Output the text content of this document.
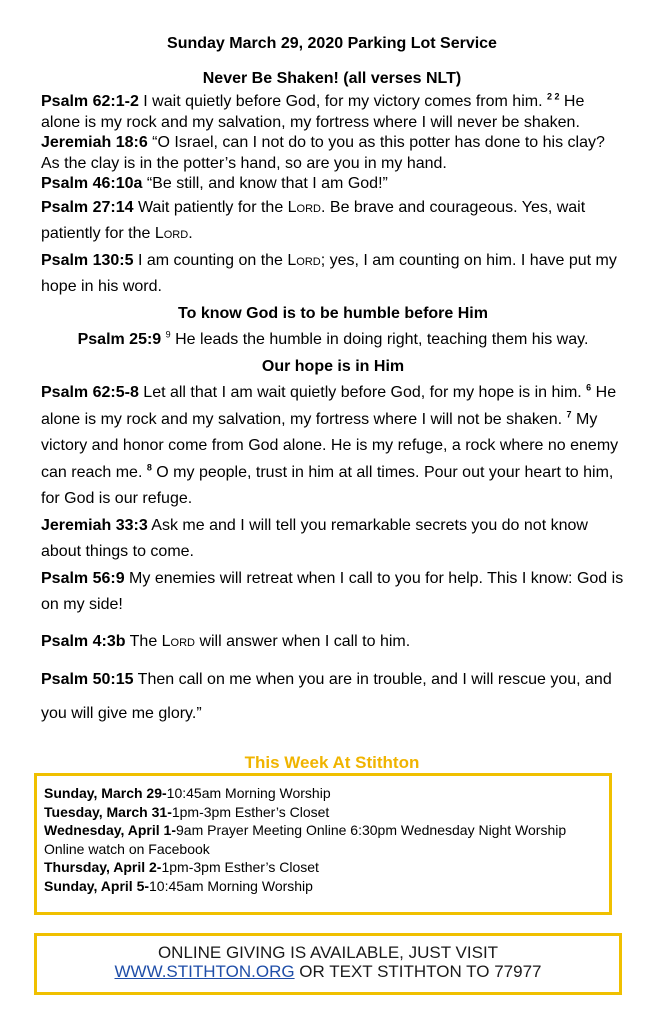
Sunday March 29, 2020 Parking Lot Service
Never Be Shaken! (all verses NLT)

Psalm 62:1-2 I wait quietly before God, for my victory comes from him. $^{2 2}$ He alone is my rock and my salvation, my fortress where I will never be shaken.

Jeremiah 18:6 “O Israel, can I not do to you as this potter has done to his clay? As the clay is in the potter’s hand, so are you in my hand.

Psalm 46:10a “Be still, and know that I am God!”

Psalm 27:14 Wait patiently for the Lord. Be brave and courageous. Yes, wait patiently for the Lord.

Psalm 130:5 I am counting on the Lord; yes, I am counting on him. I have put my hope in his word.

To know God is to be humble before Him

Psalm 25:9 $^9$ He leads the humble in doing right, teaching them his way.

Our hope is in Him

Psalm 62:5-8 Let all that I am wait quietly before God, for my hope is in him. $^6$ He alone is my rock and my salvation, my fortress where I will not be shaken. $^7$ My victory and honor come from God alone. He is my refuge, a rock where no enemy can reach me. $^8$ O my people, trust in him at all times. Pour out your heart to him, for God is our refuge.

Jeremiah 33:3 Ask me and I will tell you remarkable secrets you do not know about things to come.

Psalm 56:9 My enemies will retreat when I call to you for help. This I know: God is on my side!

Psalm 4:3b The Lord will answer when I call to him.

Psalm 50:15 Then call on me when you are in trouble, and I will rescue you, and you will give me glory.”

This Week At Stithton
Sunday, March 29-10:45am Morning Worship
Tuesday, March 31-1pm-3pm Esther’s Closet
Wednesday, April 1-9am Prayer Meeting Online 6:30pm Wednesday Night Worship Online watch on Facebook
Thursday, April 2-1pm-3pm Esther’s Closet
Sunday, April 5-10:45am Morning Worship
ONLINE GIVING IS AVAILABLE, JUST VISIT
WWW.STITHTON.ORG OR TEXT STITHTON TO 77977
